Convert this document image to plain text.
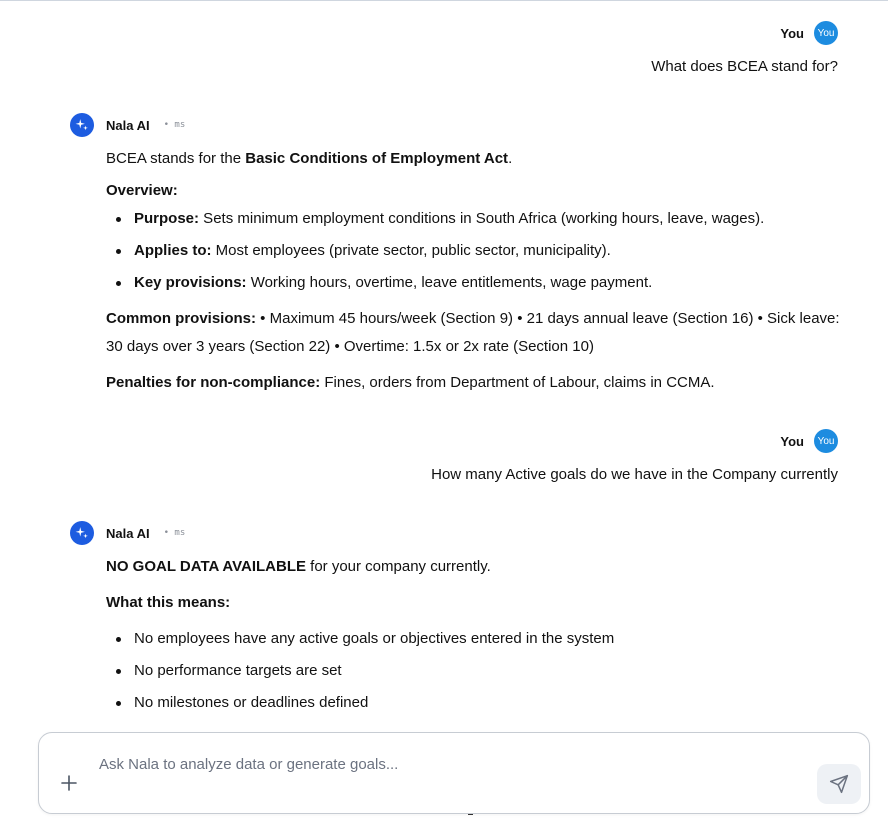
You	You
What does BCEA stand for?
Nala AI • ms

BCEA stands for the Basic Conditions of Employment Act.

Overview:

Purpose: Sets minimum employment conditions in South Africa (working hours, leave, wages).
Applies to: Most employees (private sector, public sector, municipality).
Key provisions: Working hours, overtime, leave entitlements, wage payment.

Common provisions: • Maximum 45 hours/week (Section 9) • 21 days annual leave (Section 16) • Sick leave: 30 days over 3 years (Section 22) • Overtime: 1.5x or 2x rate (Section 10)

Penalties for non-compliance: Fines, orders from Department of Labour, claims in CCMA.

You	You
How many Active goals do we have in the Company currently
Nala AI • ms

NO GOAL DATA AVAILABLE for your company currently.

What this means:

No employees have any active goals or objectives entered in the system
No performance targets are set
No milestones or deadlines defined
Ask Nala to analyze data or generate goals...
